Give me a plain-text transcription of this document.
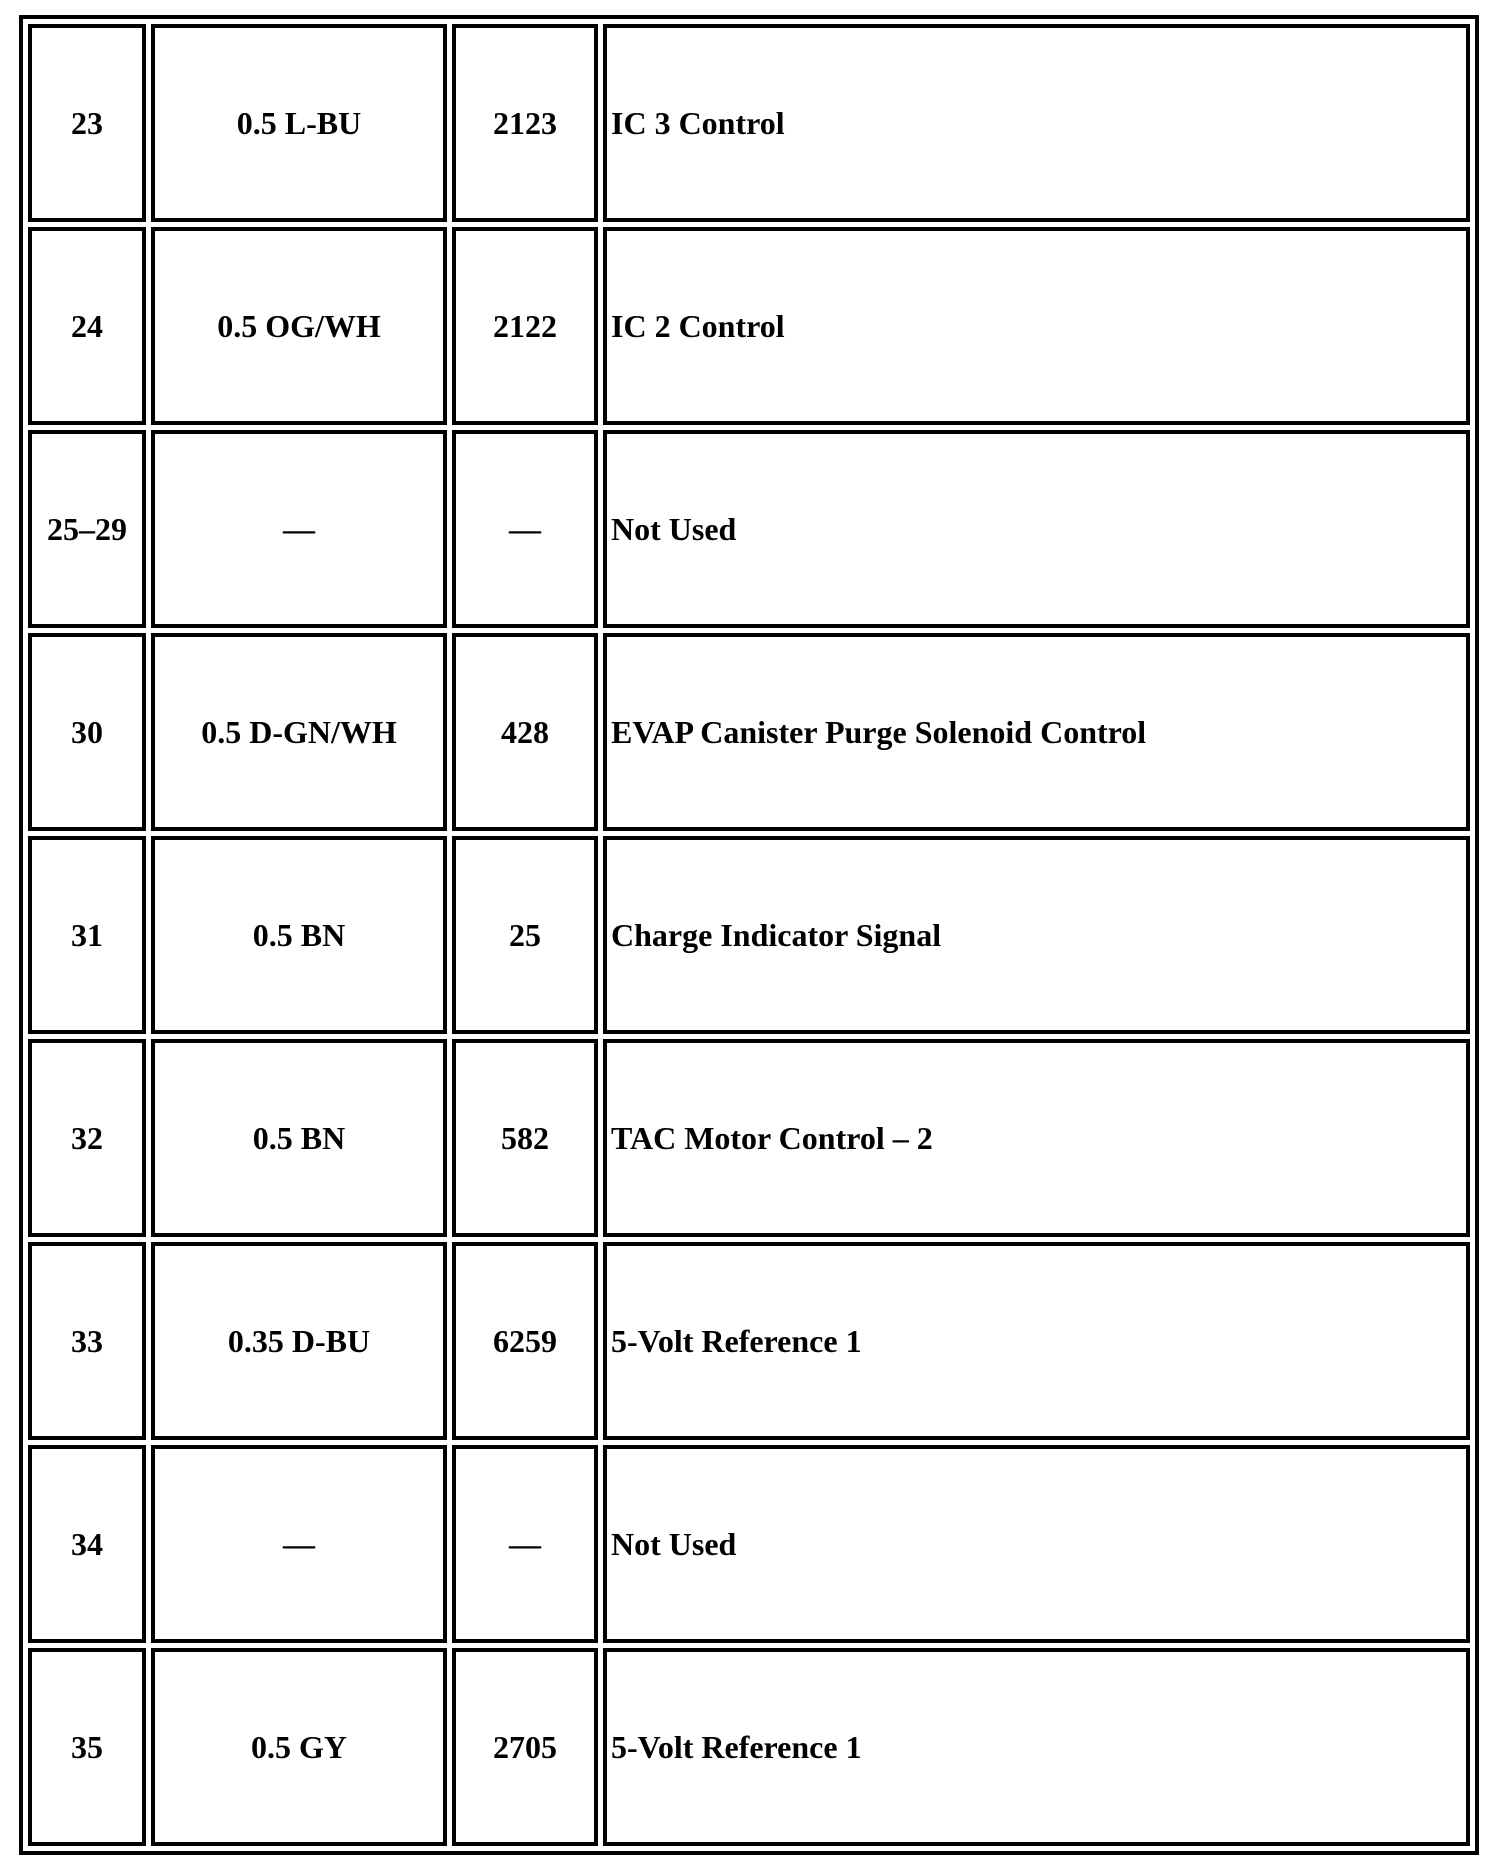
23	0.5 L-BU	2123	IC 3 Control
24	0.5 OG/WH	2122	IC 2 Control
25–29	—	—	Not Used
30	0.5 D-GN/WH	428	EVAP Canister Purge Solenoid Control
31	0.5 BN	25	Charge Indicator Signal
32	0.5 BN	582	TAC Motor Control – 2
33	0.35 D-BU	6259	5-Volt Reference 1
34	—	—	Not Used
35	0.5 GY	2705	5-Volt Reference 1
